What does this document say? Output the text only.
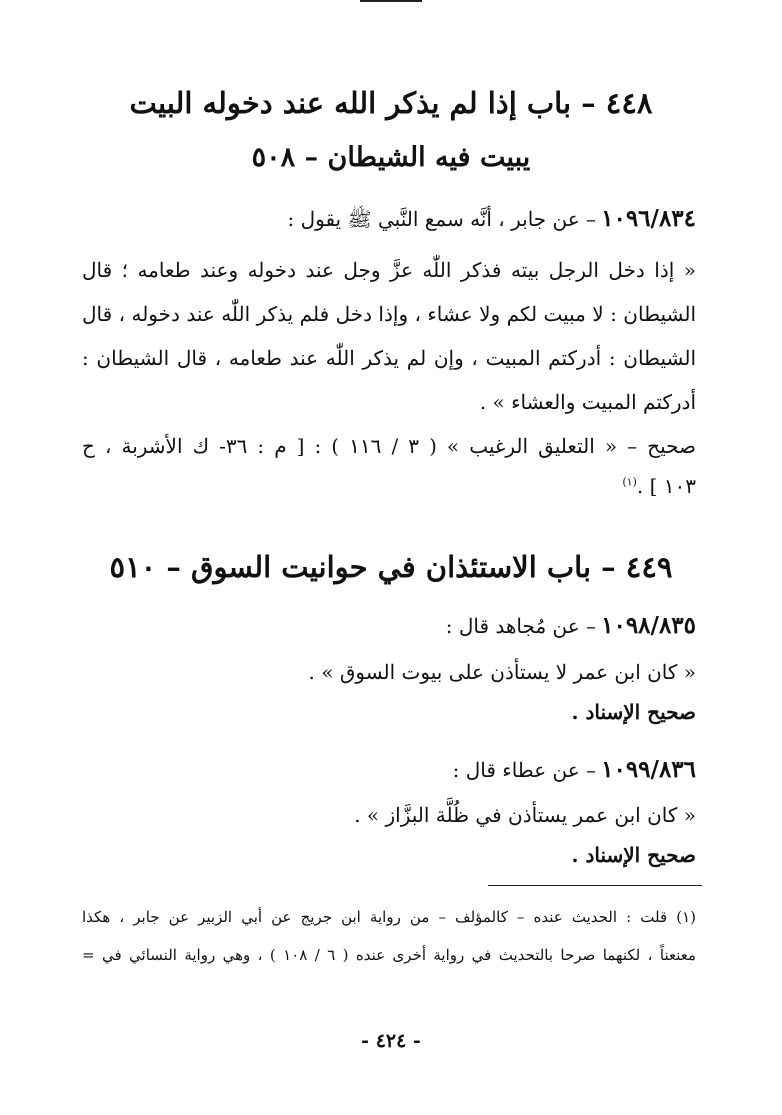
٤٤٨ – باب إذا لم يذكر الله عند دخوله البيت

يبيت فيه الشيطان – ٥٠٨

١٠٩٦/٨٣٤ – عن جابر ، أنَّه سمع النَّبي ﷺ يقول :

« إذا دخل الرجل بيته فذكر اللّٰه عزَّ وجل عند دخوله وعند طعامه ؛ قال

الشيطان : لا مبيت لكم ولا عشاء ، وإذا دخل فلم يذكر اللّٰه عند دخوله ، قال

الشيطان : أدركتم المبيت ، وإن لم يذكر اللّٰه عند طعامه ، قال الشيطان :

أدركتم المبيت والعشاء » .

صحيح – « التعليق الرغيب » ( ٣ / ١١٦ ) : [ م : ٣٦- ك الأشربة ، ح

١٠٣ ] .$^{(١)}$

٤٤٩ – باب الاستئذان في حوانيت السوق – ٥١٠

١٠٩٨/٨٣٥ – عن مُجاهد قال :

« كان ابن عمر لا يستأذن على بيوت السوق » .

صحيح الإسناد .

١٠٩٩/٨٣٦ – عن عطاء قال :

« كان ابن عمر يستأذن في ظُلَّة البزَّاز » .

صحيح الإسناد .

(١) قلت : الحديث عنده – كالمؤلف – من رواية ابن جريج عن أبي الزبير عن جابر ، هكذا

معنعناً ، لكنهما صرحا بالتحديث في رواية أخرى عنده ( ٦ / ١٠٨ ) ، وهي رواية النسائي في =

- ٤٢٤ -
